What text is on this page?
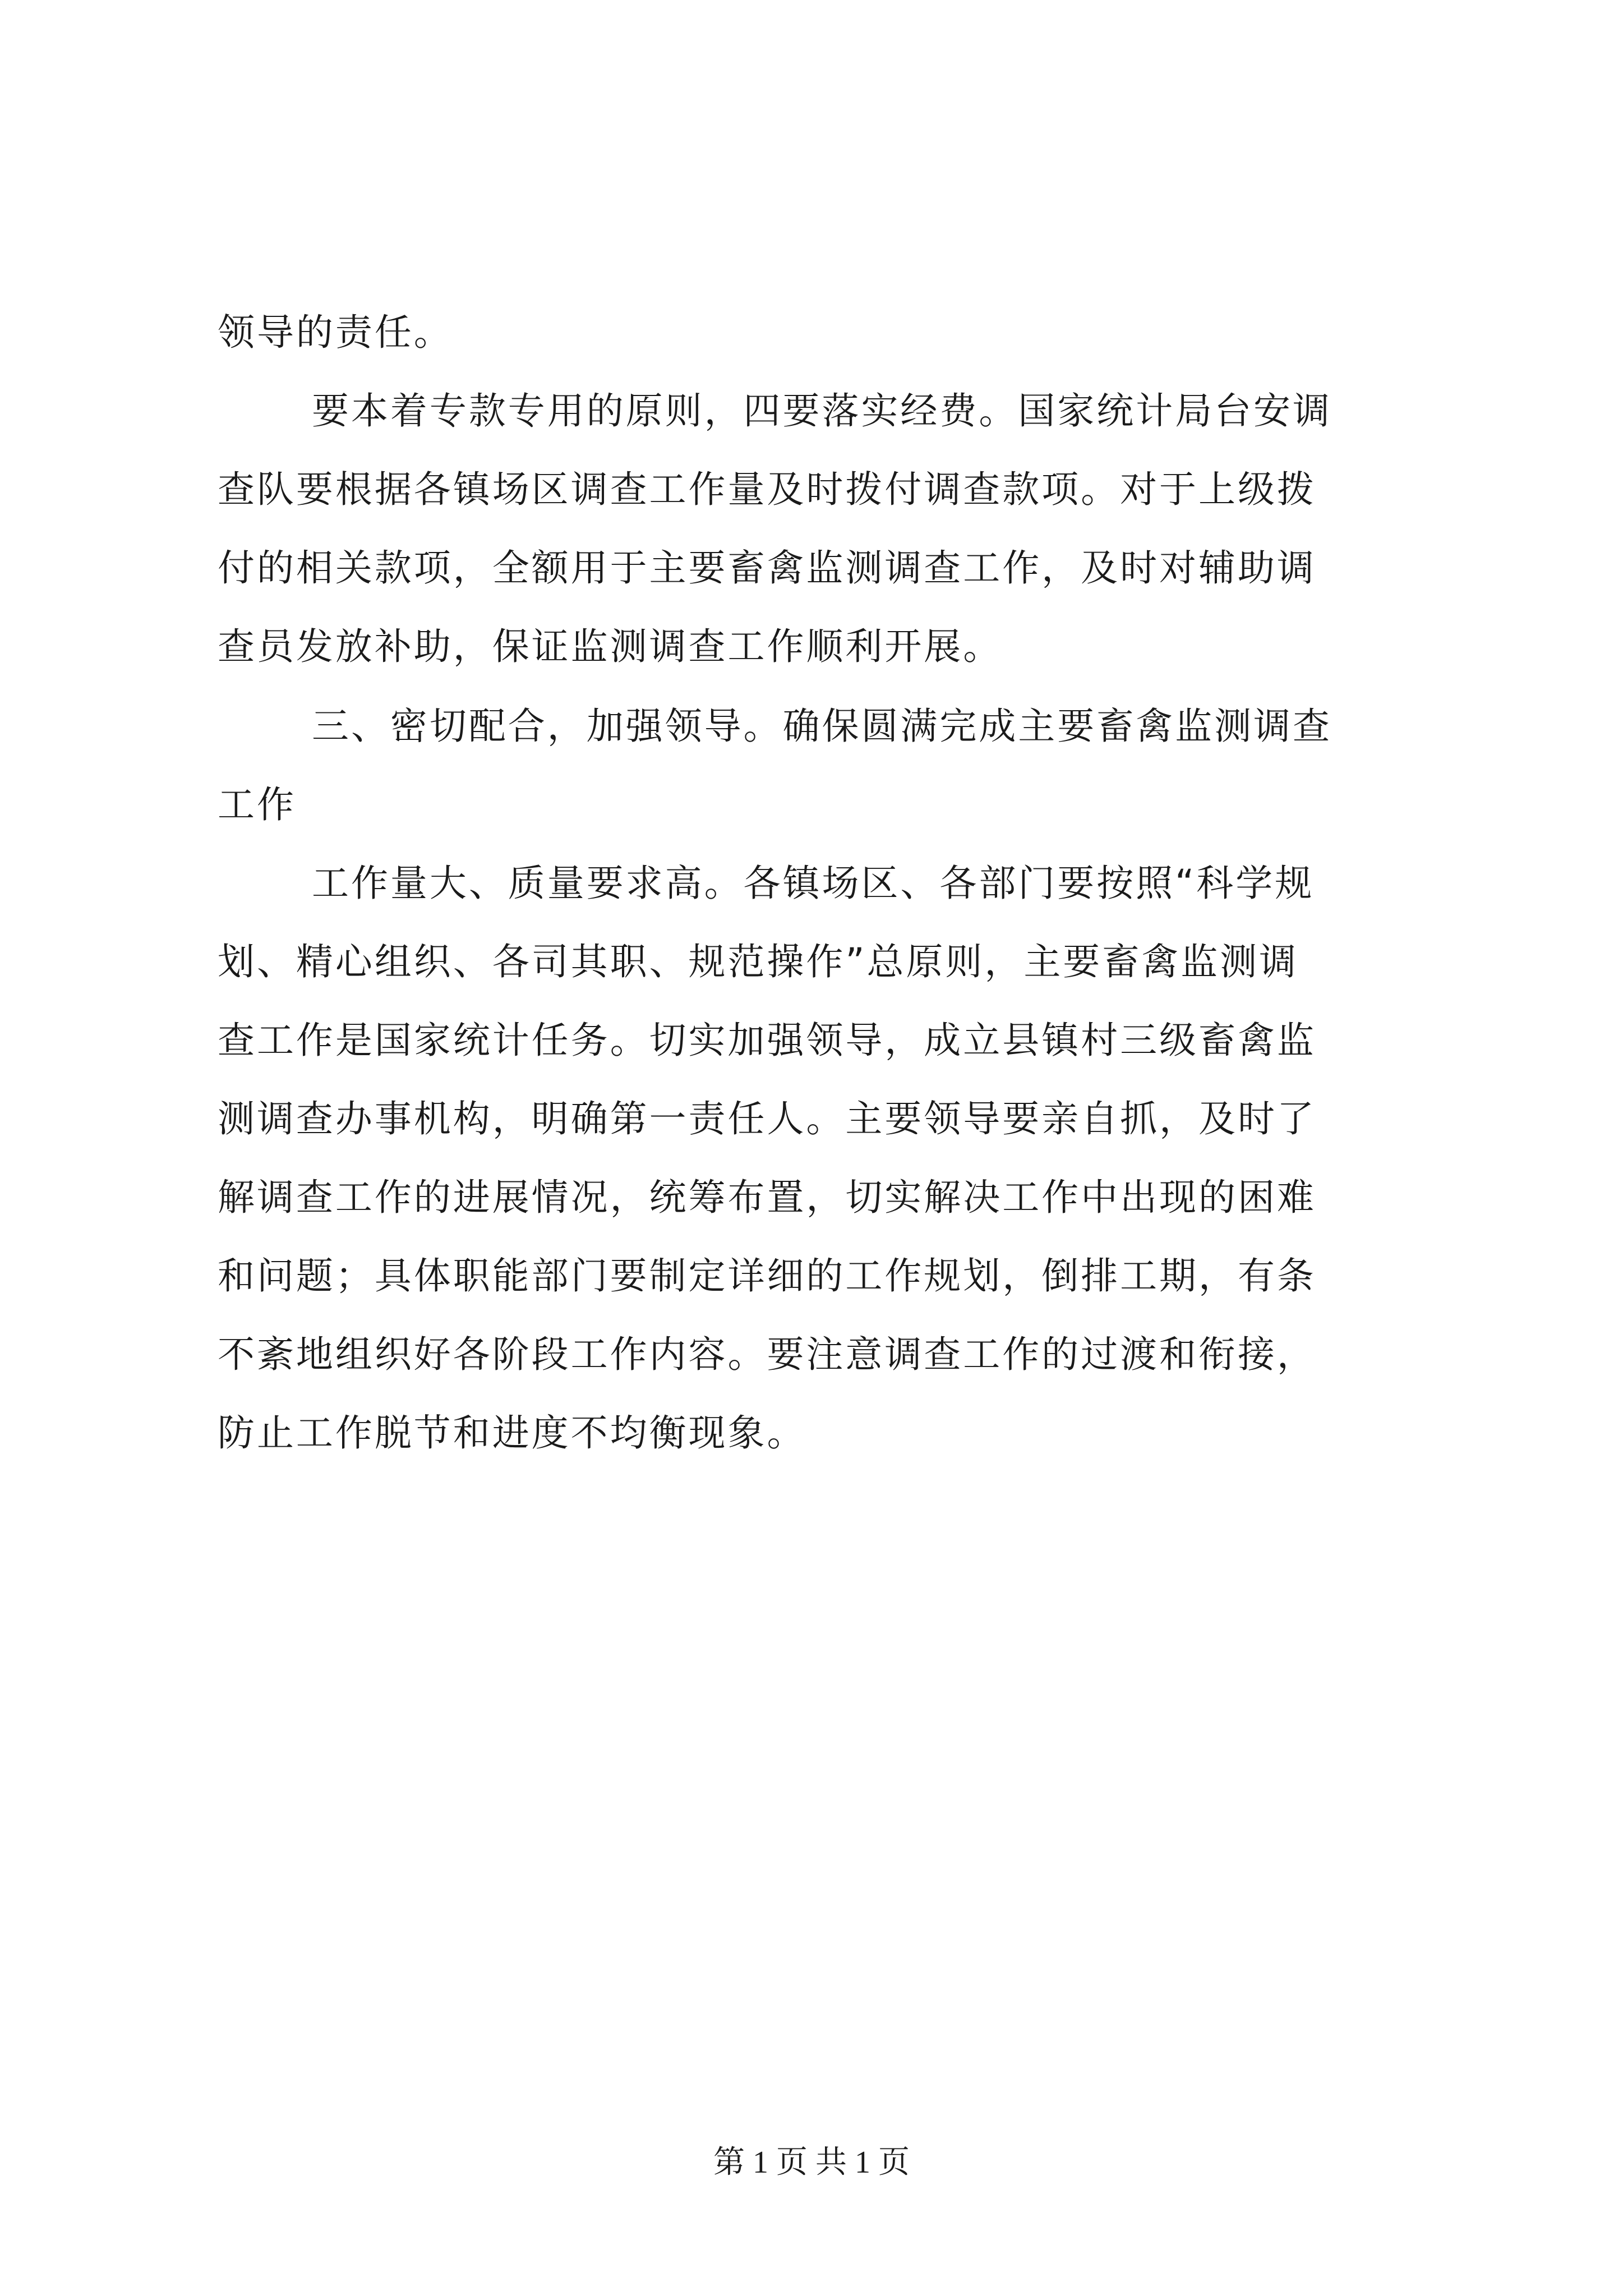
领导的责任。
要本着专款专用的原则，四要落实经费。国家统计局台安调
查队要根据各镇场区调查工作量及时拨付调查款项。对于上级拨
付的相关款项，全额用于主要畜禽监测调查工作，及时对辅助调
查员发放补助，保证监测调查工作顺利开展。
三、密切配合，加强领导。确保圆满完成主要畜禽监测调查
工作
工作量大、质量要求高。各镇场区、各部门要按照“科学规
划、精心组织、各司其职、规范操作”总原则，主要畜禽监测调
查工作是国家统计任务。切实加强领导，成立县镇村三级畜禽监
测调查办事机构，明确第一责任人。主要领导要亲自抓，及时了
解调查工作的进展情况，统筹布置，切实解决工作中出现的困难
和问题；具体职能部门要制定详细的工作规划，倒排工期，有条
不紊地组织好各阶段工作内容。要注意调查工作的过渡和衔接，
防止工作脱节和进度不均衡现象。
第 1 页 共 1 页
